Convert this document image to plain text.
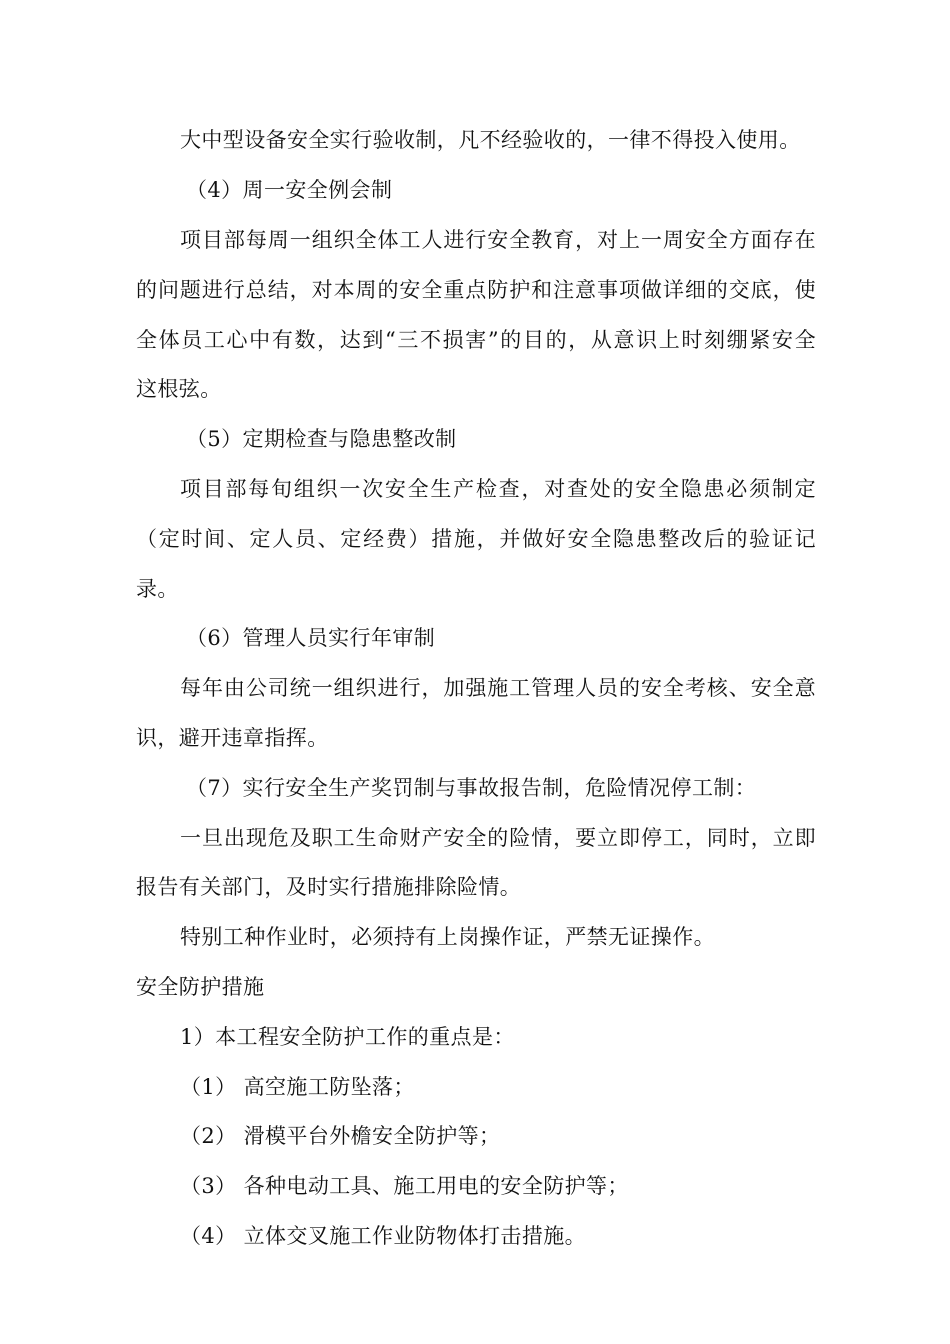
大中型设备安全实行验收制，凡不经验收的，一律不得投入使用。
（4）周一安全例会制
项目部每周一组织全体工人进行安全教育，对上一周安全方面存在
的问题进行总结，对本周的安全重点防护和注意事项做详细的交底，使
全体员工心中有数，达到“三不损害”的目的，从意识上时刻绷紧安全
这根弦。
（5）定期检查与隐患整改制
项目部每旬组织一次安全生产检查，对查处的安全隐患必须制定
（定时间、定人员、定经费）措施，并做好安全隐患整改后的验证记
录。
（6）管理人员实行年审制
每年由公司统一组织进行，加强施工管理人员的安全考核、安全意
识，避开违章指挥。
（7）实行安全生产奖罚制与事故报告制，危险情况停工制：
一旦出现危及职工生命财产安全的险情，要立即停工，同时，立即
报告有关部门，及时实行措施排除险情。
特别工种作业时，必须持有上岗操作证，严禁无证操作。
安全防护措施
1）本工程安全防护工作的重点是：
（1） 高空施工防坠落；
（2） 滑模平台外檐安全防护等；
（3） 各种电动工具、施工用电的安全防护等；
（4） 立体交叉施工作业防物体打击措施。
